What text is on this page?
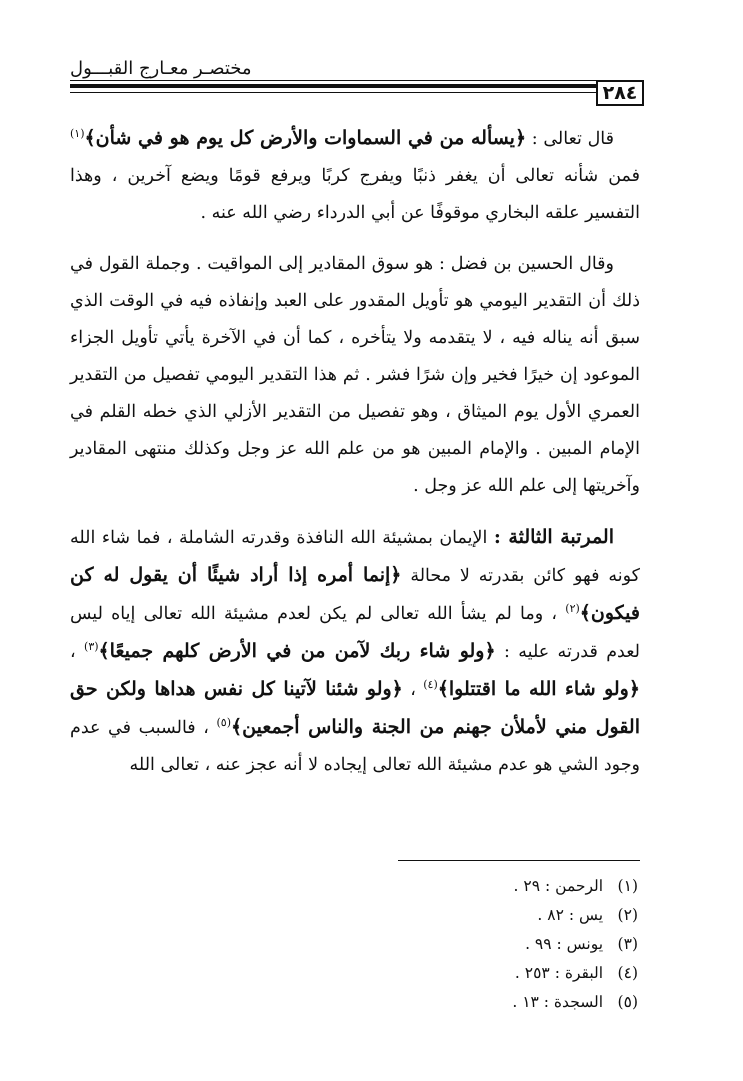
مختصـر معـارج القبـــول
٢٨٤

قال تعالى : ﴿يسأله من في السماوات والأرض كل يوم هو في شأن﴾$^{(١)}$ فمن شأنه تعالى أن يغفر ذنبًا ويفرج كربًا ويرفع قومًا ويضع آخرين ، وهذا التفسير علقه البخاري موقوفًا عن أبي الدرداء رضي الله عنه .

وقال الحسين بن فضل : هو سوق المقادير إلى المواقيت . وجملة القول في ذلك أن التقدير اليومي هو تأويل المقدور على العبد وإنفاذه فيه في الوقت الذي سبق أنه يناله فيه ، لا يتقدمه ولا يتأخره ، كما أن في الآخرة يأتي تأويل الجزاء الموعود إن خيرًا فخير وإن شرًا فشر . ثم هذا التقدير اليومي تفصيل من التقدير العمري الأول يوم الميثاق ، وهو تفصيل من التقدير الأزلي الذي خطه القلم في الإمام المبين . والإمام المبين هو من علم الله عز وجل وكذلك منتهى المقادير وآخريتها إلى علم الله عز وجل .

المرتبة الثالثة : الإيمان بمشيئة الله النافذة وقدرته الشاملة ، فما شاء الله كونه فهو كائن بقدرته لا محالة ﴿إنما أمره إذا أراد شيئًا أن يقول له كن فيكون﴾$^{(٢)}$ ، وما لم يشأ الله تعالى لم يكن لعدم مشيئة الله تعالى إياه ليس لعدم قدرته عليه : ﴿ولو شاء ربك لآمن من في الأرض كلهم جميعًا﴾$^{(٣)}$ ، ﴿ولو شاء الله ما اقتتلوا﴾$^{(٤)}$ ، ﴿ولو شئنا لآتينا كل نفس هداها ولكن حق القول مني لأملأن جهنم من الجنة والناس أجمعين﴾$^{(٥)}$ ، فالسبب في عدم وجود الشي هو عدم مشيئة الله تعالى إيجاده لا أنه عجز عنه ، تعالى الله

(١) الرحمن : ٢٩ .
(٢) يس : ٨٢ .
(٣) يونس : ٩٩ .
(٤) البقرة : ٢٥٣ .
(٥) السجدة : ١٣ .
